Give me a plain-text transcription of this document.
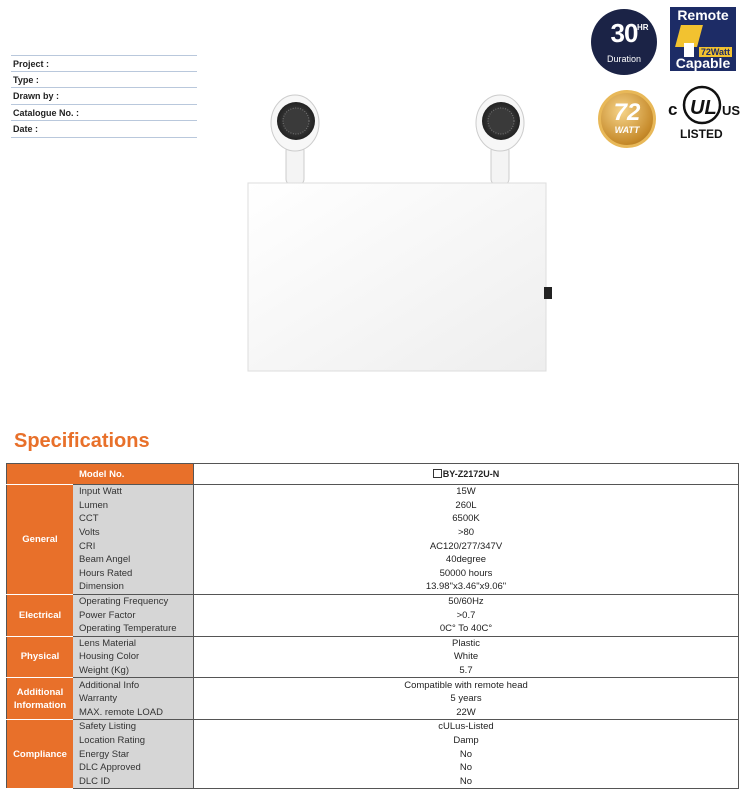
Project :
Type :
Drawn by :
Catalogue No. :
Date :
30 HR
Duration
Remote
72Watt
Capable
72
WATT
c UL US
LISTED
Specifications
	Model No.	BY-Z2172U-N
General	Input Watt	15W
	Lumen	260L
	CCT	6500K
	Volts	>80
	CRI	AC120/277/347V
	Beam Angel	40degree
	Hours Rated	50000 hours
	Dimension	13.98"x3.46"x9.06"
Electrical	Operating Frequency	50/60Hz
	Power Factor	>0.7
	Operating Temperature	0C° To 40C°
Physical	Lens Material	Plastic
	Housing Color	White
	Weight (Kg)	5.7
Additional Information	Additional Info	Compatible with remote head
	Warranty	5 years
	MAX. remote LOAD	22W
Compliance	Safety Listing	cULus-Listed
	Location Rating	Damp
	Energy Star	No
	DLC Approved	No
	DLC ID	No
